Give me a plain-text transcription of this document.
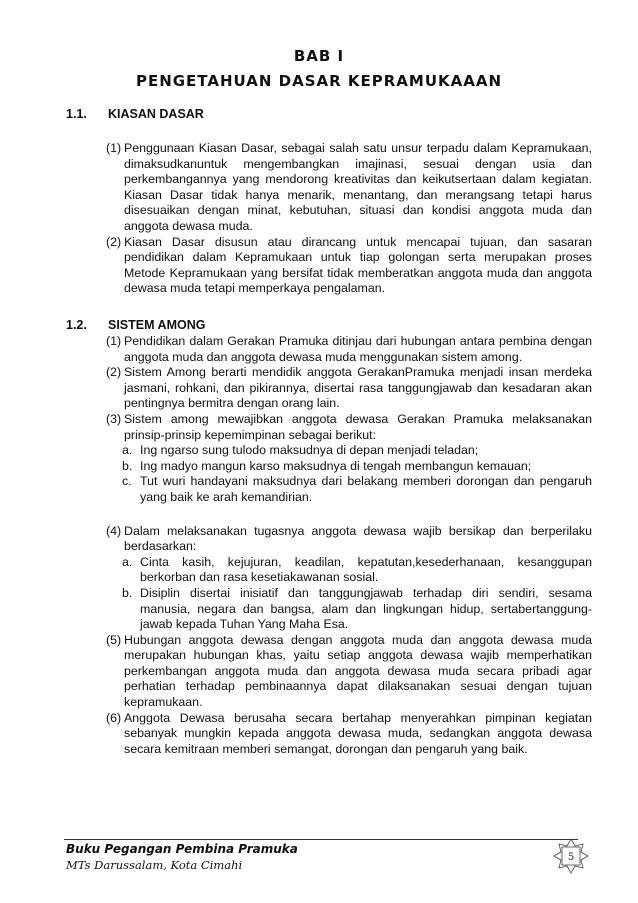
BAB I
PENGETAHUAN DASAR KEPRAMUKAAAN
1.1. KIASAN DASAR
(1) Penggunaan Kiasan Dasar, sebagai salah satu unsur terpadu dalam Kepramukaan, dimaksudkanuntuk mengembangkan imajinasi, sesuai dengan usia dan perkembangannya yang mendorong kreativitas dan keikutsertaan dalam kegiatan. Kiasan Dasar tidak hanya menarik, menantang, dan merangsang tetapi harus disesuaikan dengan minat, kebutuhan, situasi dan kondisi anggota muda dan anggota dewasa muda.
(2) Kiasan Dasar disusun atau dirancang untuk mencapai tujuan, dan sasaran pendidikan dalam Kepramukaan untuk tiap golongan serta merupakan proses Metode Kepramukaan yang bersifat tidak memberatkan anggota muda dan anggota dewasa muda tetapi memperkaya pengalaman.
1.2. SISTEM AMONG
(1) Pendidikan dalam Gerakan Pramuka ditinjau dari hubungan antara pembina dengan anggota muda dan anggota dewasa muda menggunakan sistem among.
(2) Sistem Among berarti mendidik anggota GerakanPramuka menjadi insan merdeka jasmani, rohkani, dan pikirannya, disertai rasa tanggungjawab dan kesadaran akan pentingnya bermitra dengan orang lain.
(3) Sistem among mewajibkan anggota dewasa Gerakan Pramuka melaksanakan prinsip-prinsip kepemimpinan sebagai berikut:
a. Ing ngarso sung tulodo maksudnya di depan menjadi teladan;
b. Ing madyo mangun karso maksudnya di tengah membangun kemauan;
c. Tut wuri handayani maksudnya dari belakang memberi dorongan dan pengaruh yang baik ke arah kemandirian.
(4) Dalam melaksanakan tugasnya anggota dewasa wajib bersikap dan berperilaku berdasarkan:
a. Cinta kasih, kejujuran, keadilan, kepatutan,kesederhanaan, kesanggupan berkorban dan rasa kesetiakawanan sosial.
b. Disiplin disertai inisiatif dan tanggungjawab terhadap diri sendiri, sesama manusia, negara dan bangsa, alam dan lingkungan hidup, sertabertanggung-jawab kepada Tuhan Yang Maha Esa.
(5) Hubungan anggota dewasa dengan anggota muda dan anggota dewasa muda merupakan hubungan khas, yaitu setiap anggota dewasa wajib memperhatikan perkembangan anggota muda dan anggota dewasa muda secara pribadi agar perhatian terhadap pembinaannya dapat dilaksanakan sesuai dengan tujuan kepramukaan.
(6) Anggota Dewasa berusaha secara bertahap menyerahkan pimpinan kegiatan sebanyak mungkin kepada anggota dewasa muda, sedangkan anggota dewasa secara kemitraan memberi semangat, dorongan dan pengaruh yang baik.
Buku Pegangan Pembina Pramuka
MTs Darussalam, Kota Cimahi
5
